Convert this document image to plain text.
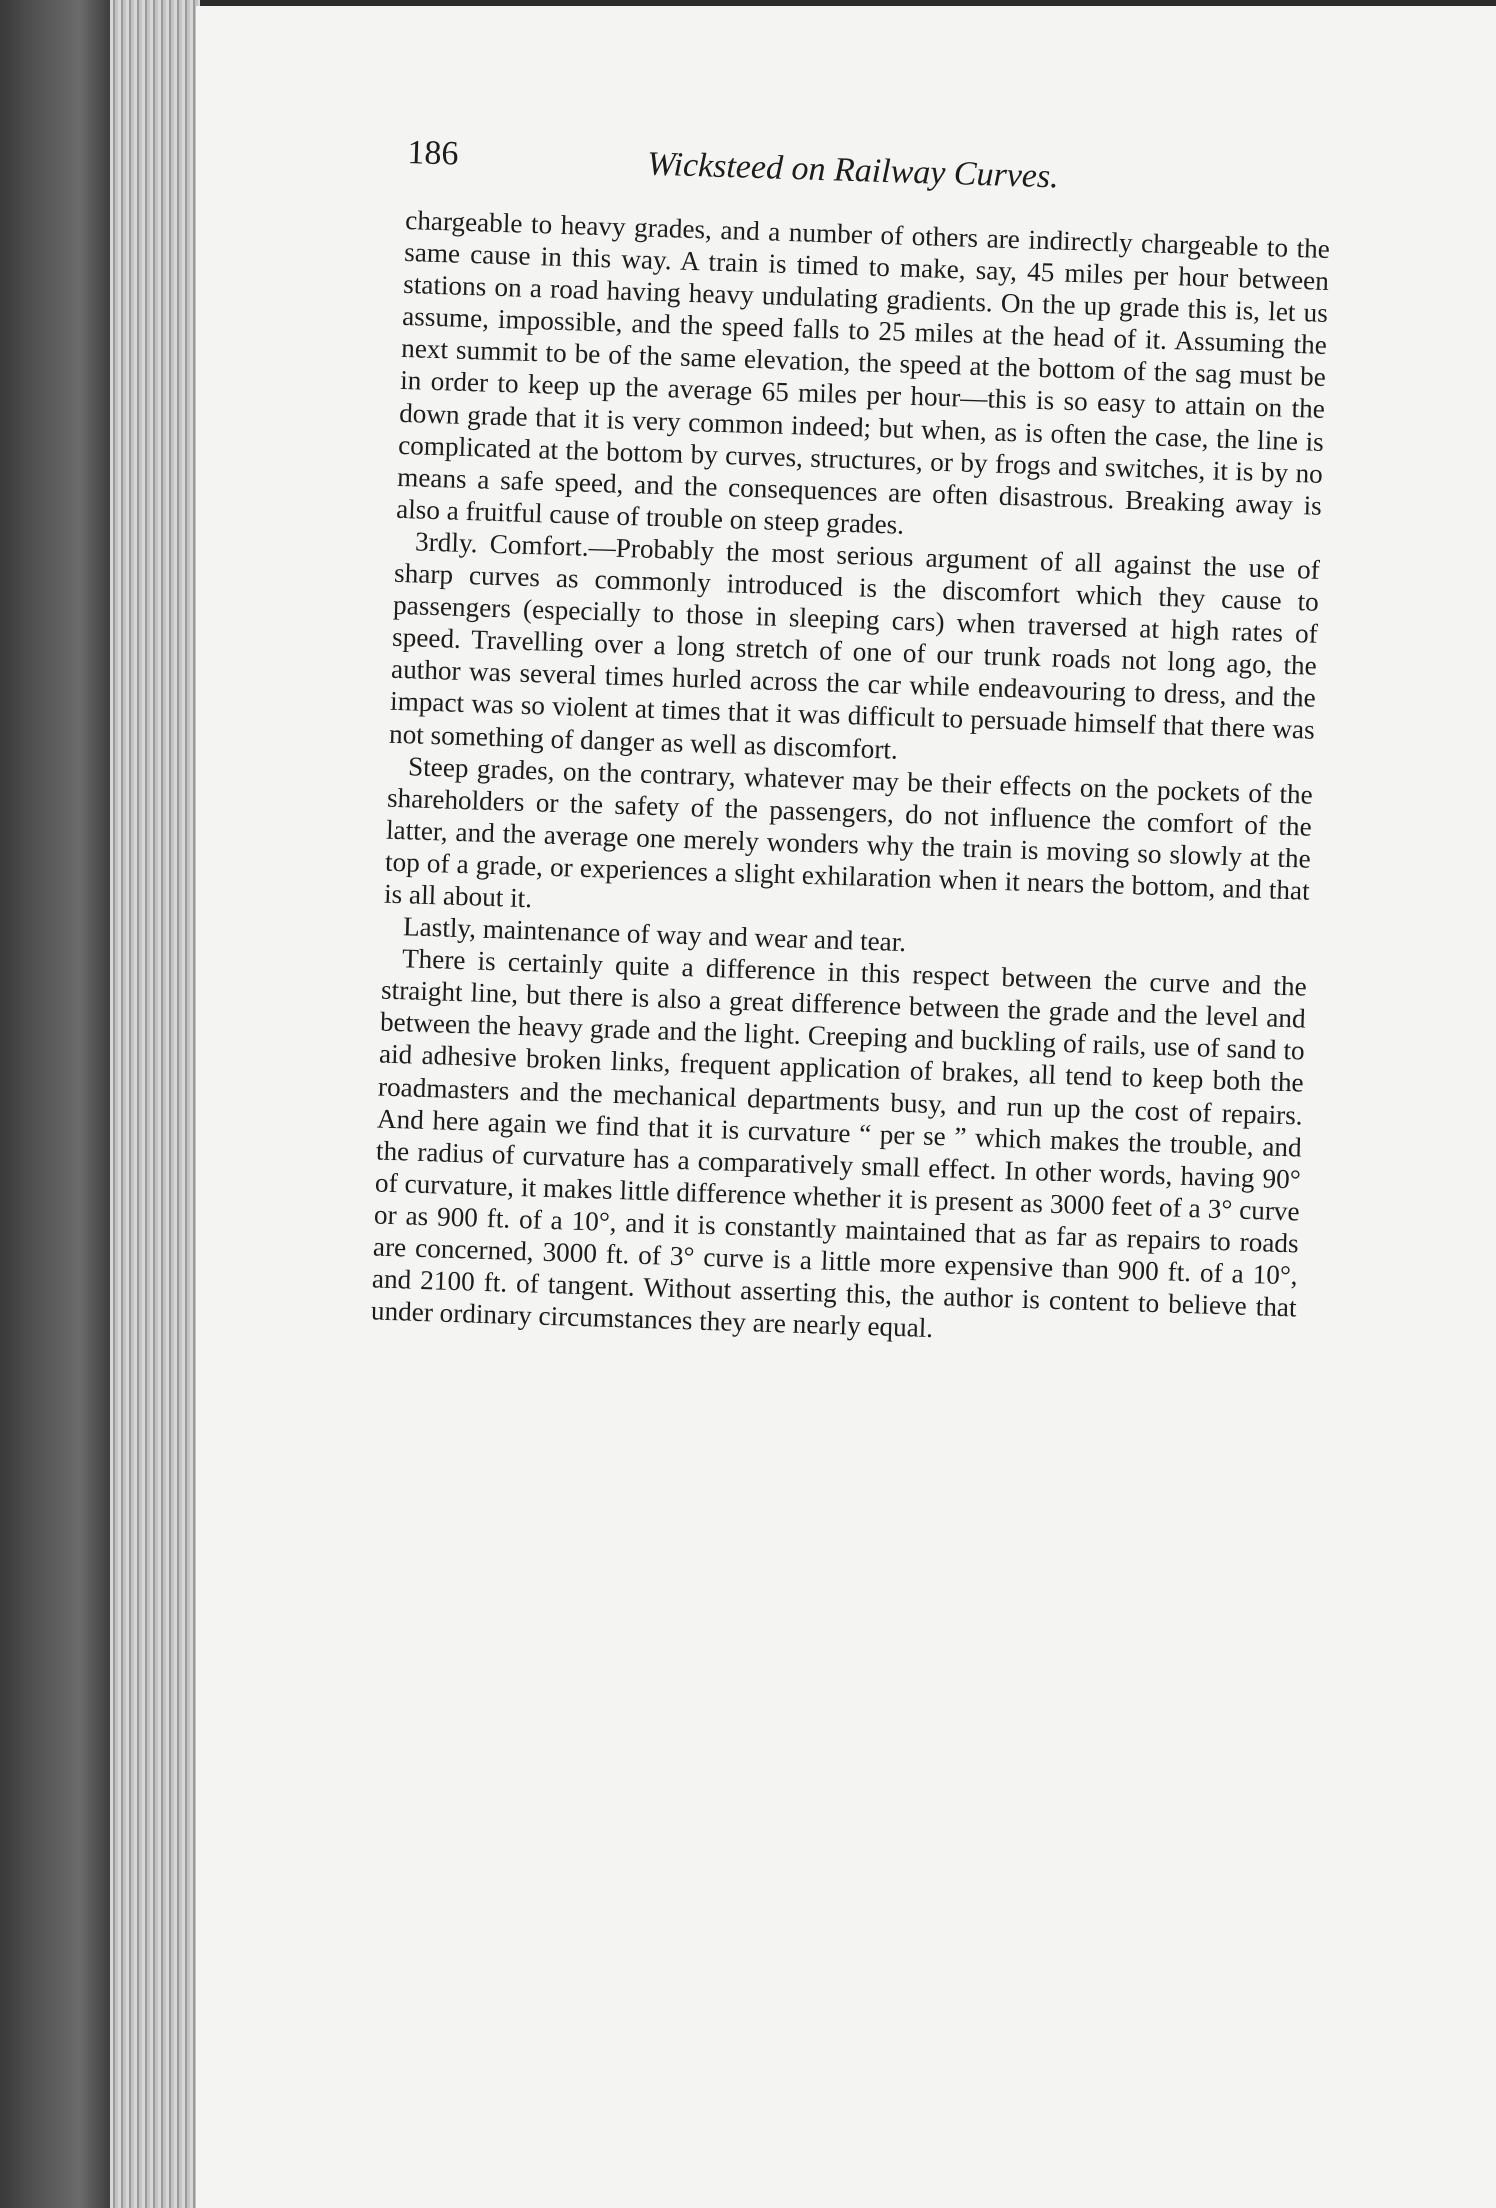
186	Wicksteed on Railway Curves.

chargeable to heavy grades, and a number of others are indirectly chargeable to the same cause in this way. A train is timed to make, say, 45 miles per hour between stations on a road having heavy undulating gradients. On the up grade this is, let us assume, impossible, and the speed falls to 25 miles at the head of it. Assuming the next summit to be of the same elevation, the speed at the bottom of the sag must be in order to keep up the average 65 miles per hour—this is so easy to attain on the down grade that it is very common indeed; but when, as is often the case, the line is complicated at the bottom by curves, structures, or by frogs and switches, it is by no means a safe speed, and the consequences are often disastrous. Breaking away is also a fruitful cause of trouble on steep grades.

3rdly. Comfort.—Probably the most serious argument of all against the use of sharp curves as commonly introduced is the discomfort which they cause to passengers (especially to those in sleeping cars) when traversed at high rates of speed. Travelling over a long stretch of one of our trunk roads not long ago, the author was several times hurled across the car while endeavouring to dress, and the impact was so violent at times that it was difficult to persuade himself that there was not something of danger as well as discomfort.

Steep grades, on the contrary, whatever may be their effects on the pockets of the shareholders or the safety of the passengers, do not influence the comfort of the latter, and the average one merely wonders why the train is moving so slowly at the top of a grade, or experiences a slight exhilaration when it nears the bottom, and that is all about it.

Lastly, maintenance of way and wear and tear.

There is certainly quite a difference in this respect between the curve and the straight line, but there is also a great difference between the grade and the level and between the heavy grade and the light. Creeping and buckling of rails, use of sand to aid adhesive broken links, frequent application of brakes, all tend to keep both the roadmasters and the mechanical departments busy, and run up the cost of repairs. And here again we find that it is curvature “ per se ” which makes the trouble, and the radius of curvature has a comparatively small effect. In other words, having 90° of curvature, it makes little difference whether it is present as 3000 feet of a 3° curve or as 900 ft. of a 10°, and it is constantly maintained that as far as repairs to roads are concerned, 3000 ft. of 3° curve is a little more expensive than 900 ft. of a 10°, and 2100 ft. of tangent. Without asserting this, the author is content to believe that under ordinary circumstances they are nearly equal.
